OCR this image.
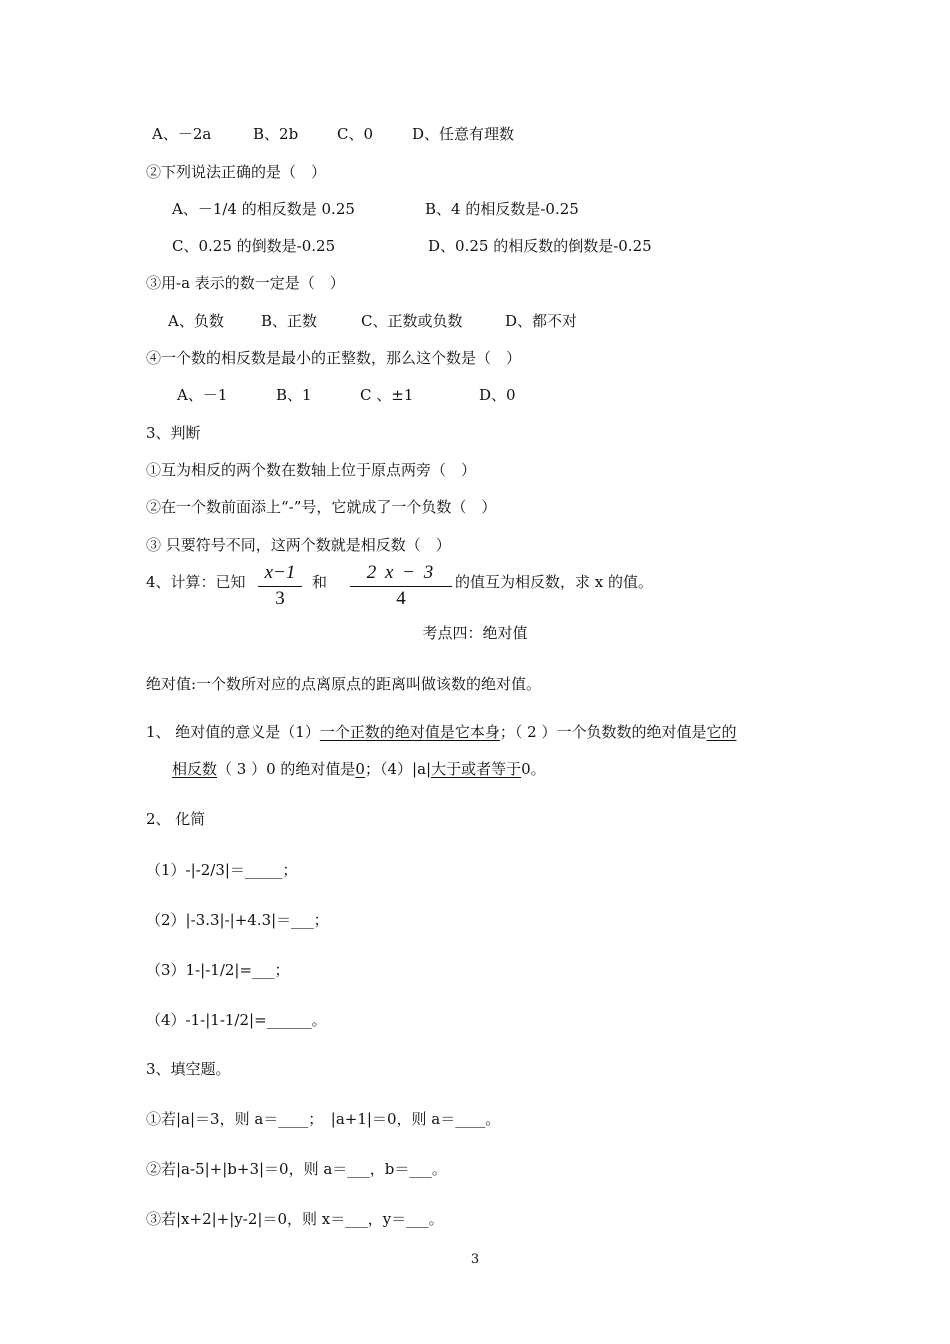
A、－2a	B、2b	C、0	D、任意有理数
②下列说法正确的是（　）
A、－1/4 的相反数是 0.25	B、4 的相反数是-0.25
C、0.25 的倒数是-0.25	D、0.25 的相反数的倒数是-0.25
③用-a 表示的数一定是（　）
A、负数 B、正数	C、正数或负数	D、都不对
④一个数的相反数是最小的正整数，那么这个数是（　）
A、－1	B、1	C 、±1	D、0
3、判断
①互为相反的两个数在数轴上位于原点两旁（　）
②在一个数前面添上“-”号，它就成了一个负数（　）
③ 只要符号不同，这两个数就是相反数（　）
4、计算：已知 $\frac{x-1}{3}$ 和 $\frac{2 x - 3}{4}$ 的值互为相反数，求 x 的值。
考点四：绝对值
绝对值:一个数所对应的点离原点的距离叫做该数的绝对值。
1、 绝对值的意义是（1）一个正数的绝对值是它本身；（ 2 ）一个负数数的绝对值是它的
相反数（ 3 ）0 的绝对值是0；（4）|a|大于或者等于0。
2、 化简
（1）-|-2/3|＝_____；
（2）|-3.3|-|+4.3|＝___；
（3）1-|-1/2|=___；
（4）-1-|1-1/2|=______。
3、填空题。
①若|a|＝3，则 a＝____；　|a+1|＝0，则 a＝____。
②若|a-5|+|b+3|＝0，则 a＝___，b＝___。
③若|x+2|+|y-2|＝0，则 x＝___，y＝___。
3
